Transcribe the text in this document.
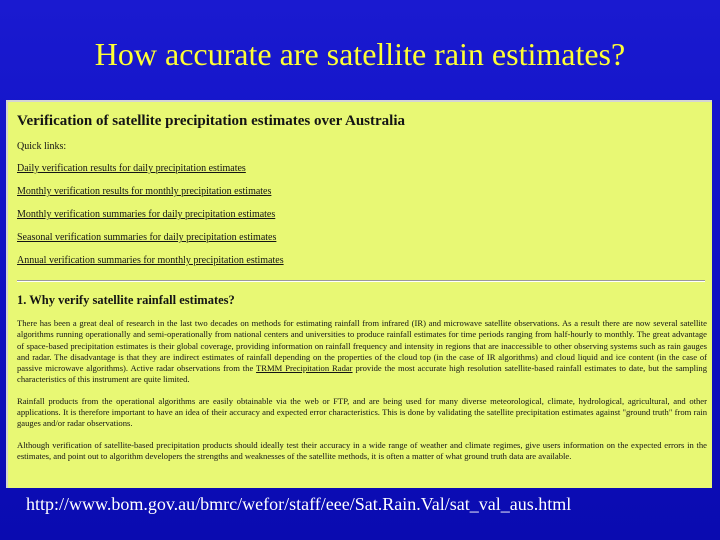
How accurate are satellite rain estimates?
Verification of satellite precipitation estimates over Australia
Quick links:
Daily verification results for daily precipitation estimates
Monthly verification results for monthly precipitation estimates
Monthly verification summaries for daily precipitation estimates
Seasonal verification summaries for daily precipitation estimates
Annual verification summaries for monthly precipitation estimates
1. Why verify satellite rainfall estimates?

There has been a great deal of research in the last two decades on methods for estimating rainfall from infrared (IR) and microwave satellite observations. As a result there are now several satellite algorithms running operationally and semi-operationally from national centers and universities to produce rainfall estimates for time periods ranging from half-hourly to monthly. The great advantage of space-based precipitation estimates is their global coverage, providing information on rainfall frequency and intensity in regions that are inaccessible to other observing systems such as rain gauges and radar. The disadvantage is that they are indirect estimates of rainfall depending on the properties of the cloud top (in the case of IR algorithms) and cloud liquid and ice content (in the case of passive microwave algorithms). Active radar observations from the TRMM Precipitation Radar provide the most accurate high resolution satellite-based rainfall estimates to date, but the sampling characteristics of this instrument are quite limited.

Rainfall products from the operational algorithms are easily obtainable via the web or FTP, and are being used for many diverse meteorological, climate, hydrological, agricultural, and other applications. It is therefore important to have an idea of their accuracy and expected error characteristics. This is done by validating the satellite precipitation estimates against "ground truth" from rain gauges and/or radar observations.

Although verification of satellite-based precipitation products should ideally test their accuracy in a wide range of weather and climate regimes, give users information on the expected errors in the estimates, and point out to algorithm developers the strengths and weaknesses of the satellite methods, it is often a matter of what ground truth data are available.

http://www.bom.gov.au/bmrc/wefor/staff/eee/Sat.Rain.Val/sat_val_aus.html
